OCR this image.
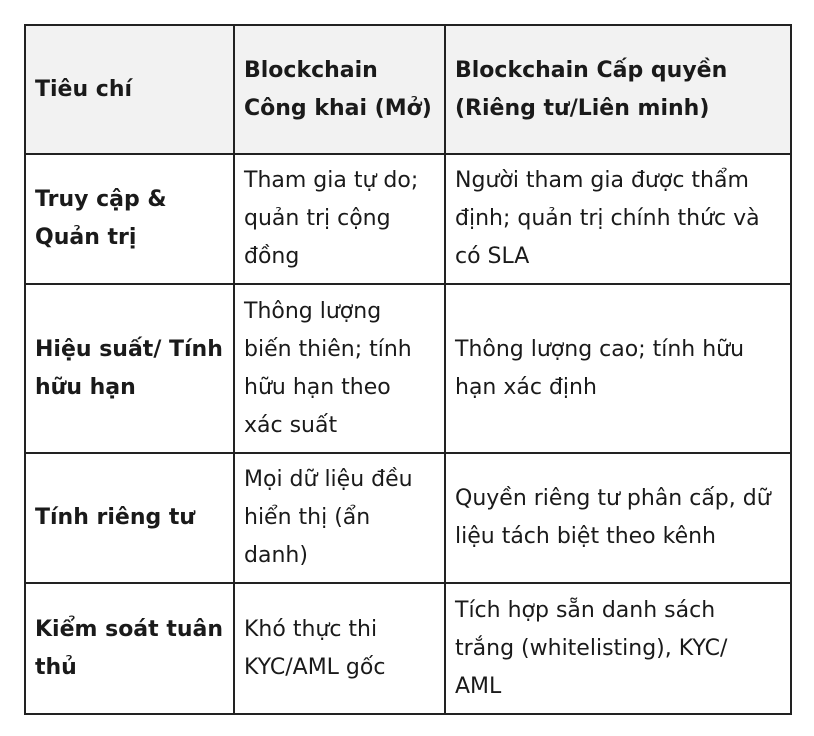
Tiêu chí	Blockchain Công khai (Mở)	Blockchain Cấp quyền (Riêng tư/Liên minh)
Truy cập & Quản trị	Tham gia tự do; quản trị cộng đồng	Người tham gia được thẩm định; quản trị chính thức và có SLA
Hiệu suất/ Tính hữu hạn	Thông lượng biến thiên; tính hữu hạn theo xác suất	Thông lượng cao; tính hữu hạn xác định
Tính riêng tư	Mọi dữ liệu đều hiển thị (ẩn danh)	Quyền riêng tư phân cấp, dữ liệu tách biệt theo kênh
Kiểm soát tuân thủ	Khó thực thi KYC/AML gốc	Tích hợp sẵn danh sách trắng (whitelisting), KYC/ AML
